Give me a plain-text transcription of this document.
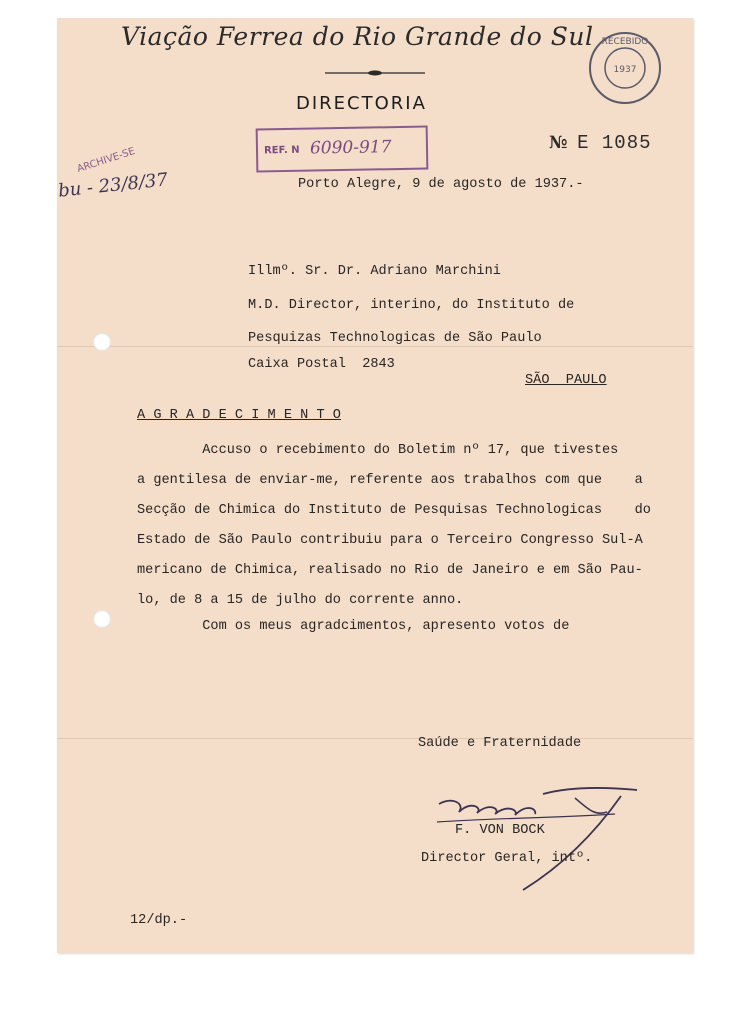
Viação Ferrea do Rio Grande do Sul
DIRECTORIA
RECEBIDO
1937
REF. N 6090-917	№ E 1085
ARCHIVE-SE
bu - 23/8/37	Porto Alegre, 9 de agosto de 1937.-
Illmº. Sr. Dr. Adriano Marchini
M.D. Director, interino, do Instituto de
Pesquizas Technologicas de São Paulo
Caixa Postal  2843
SÃO  PAULO
A G R A D E C I M E N T O
Accuso o recebimento do Boletim nº 17, que tivestes
a gentilesa de enviar-me, referente aos trabalhos com que    a
Secção de Chimica do Instituto de Pesquisas Technologicas    do
Estado de São Paulo contribuiu para o Terceiro Congresso Sul-A
mericano de Chimica, realisado no Rio de Janeiro e em São Pau-
lo, de 8 a 15 de julho do corrente anno.
Com os meus agradcimentos, apresento votos de
Saúde e Fraternidade
F. VON BOCK
Director Geral, intº.
12/dp.-
